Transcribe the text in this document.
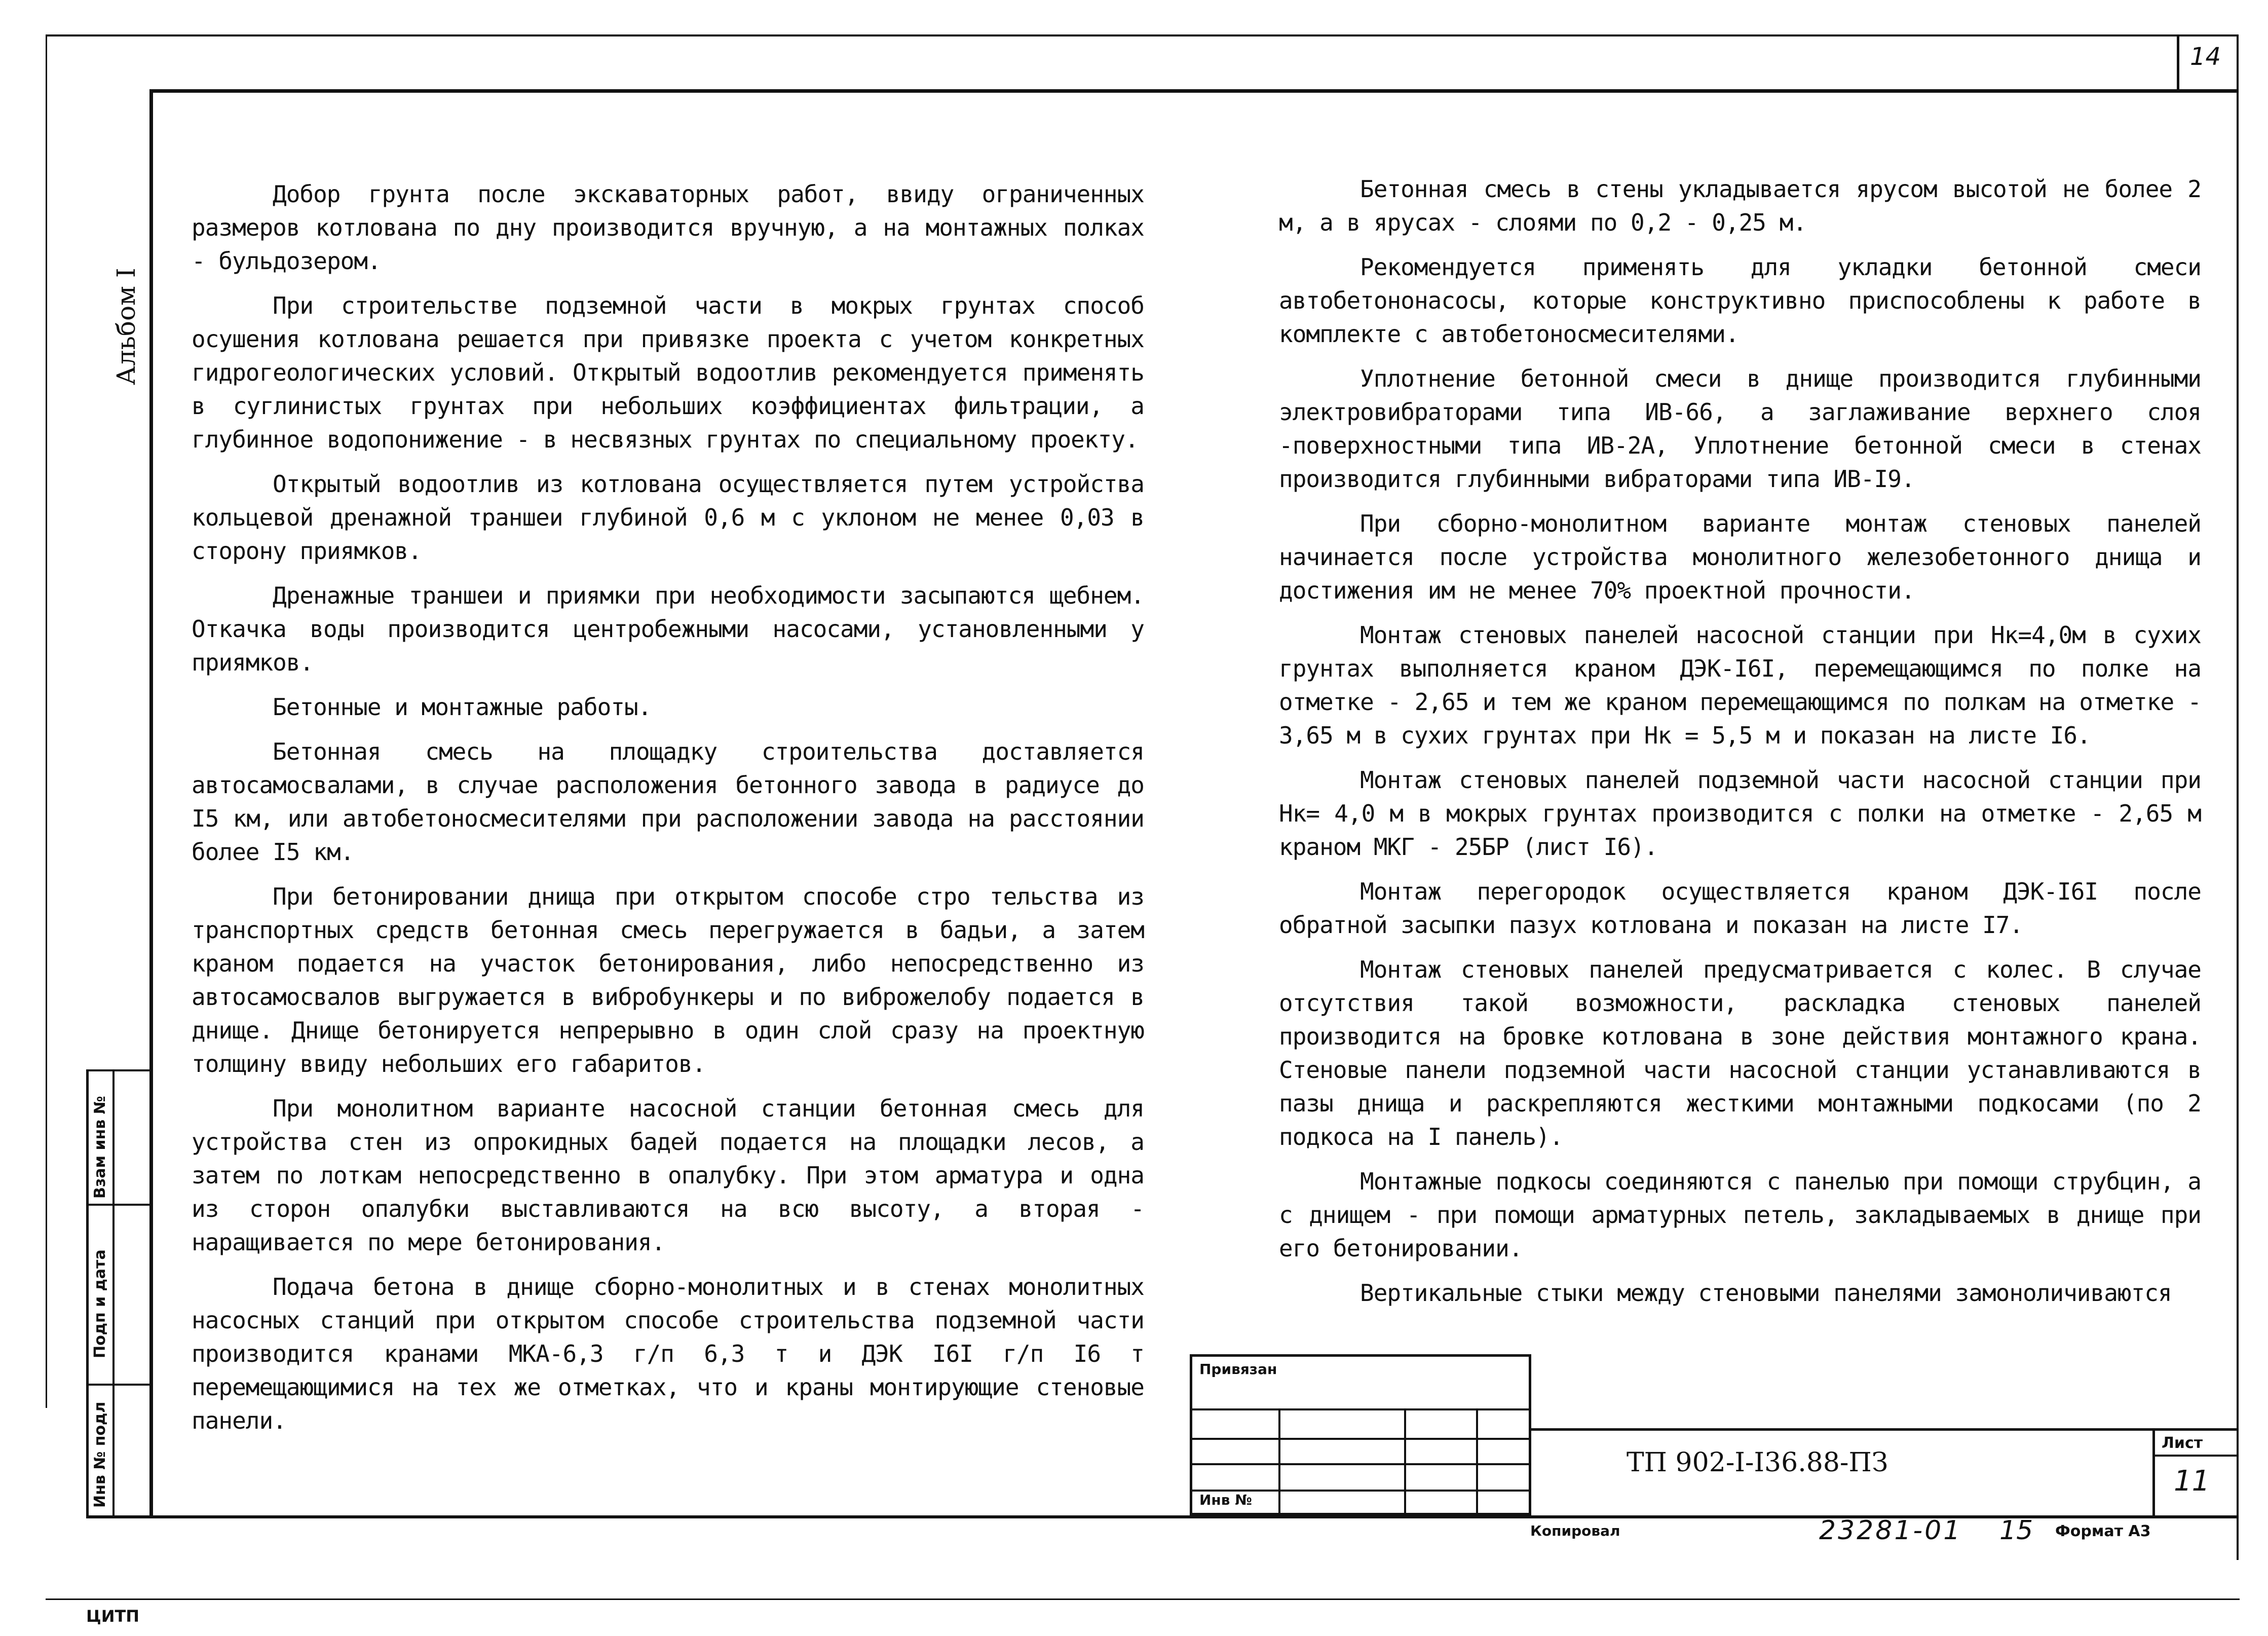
14
Альбом I
Взам инв №
Подп и дата
Инв № подл

Добор грунта после экскаваторных работ, ввиду ограниченных размеров котлована по дну производится вручную, а на монтажных полках - бульдозером.

При строительстве подземной части в мокрых грунтах способ осушения котлована решается при привязке проекта с учетом конкретных гидрогеологических условий. Открытый водоотлив рекомендуется применять в суглинистых грунтах при небольших коэффициентах фильтрации, а глубинное водопонижение - в несвязных грунтах по специальному проекту.

Открытый водоотлив из котлована осуществляется путем устройства кольцевой дренажной траншеи глубиной 0,6 м с уклоном не менее 0,03 в сторону приямков.

Дренажные траншеи и приямки при необходимости засыпаются щебнем. Откачка воды производится центробежными насосами, установленными у приямков.

Бетонные и монтажные работы.

Бетонная смесь на площадку строительства доставляется автосамосвалами, в случае расположения бетонного завода в радиусе до I5 км, или автобетоносмесителями при расположении завода на расстоянии более I5 км.

При бетонировании днища при открытом способе стро тельства из транспортных средств бетонная смесь перегружается в бадьи, а затем краном подается на участок бетонирования, либо непосредственно из автосамосвалов выгружается в вибробункеры и по виброжелобу подается в днище. Днище бетонируется непрерывно в один слой сразу на проектную толщину ввиду небольших его габаритов.

При монолитном варианте насосной станции бетонная смесь для устройства стен из опрокидных бадей подается на площадки лесов, а затем по лоткам непосредственно в опалубку. При этом арматура и одна из сторон опалубки выставливаются на всю высоту, а вторая - наращивается по мере бетонирования.

Подача бетона в днище сборно-монолитных и в стенах монолитных насосных станций при открытом способе строительства подземной части производится кранами МКА-6,3 г/п 6,3 т и ДЭК I6I г/п I6 т перемещающимися на тех же отметках, что и краны монтирующие стеновые панели.

Бетонная смесь в стены укладывается ярусом высотой не более 2 м, а в ярусах - слоями по 0,2 - 0,25 м.

Рекомендуется применять для укладки бетонной смеси автобетононасосы, которые конструктивно приспособлены к работе в комплекте с автобетоносмесителями.

Уплотнение бетонной смеси в днище производится глубинными электровибраторами типа ИВ-66, а заглаживание верхнего слоя -поверхностными типа ИВ-2А, Уплотнение бетонной смеси в стенах производится глубинными вибраторами типа ИВ-I9.

При сборно-монолитном варианте монтаж стеновых панелей начинается после устройства монолитного железобетонного днища и достижения им не менее 70% проектной прочности.

Монтаж стеновых панелей насосной станции при Нк=4,0м в сухих грунтах выполняется краном ДЭК-I6I, перемещающимся по полке на отметке - 2,65 и тем же краном перемещающимся по полкам на отметке - 3,65 м в сухих грунтах при Нк = 5,5 м и показан на листе I6.

Монтаж стеновых панелей подземной части насосной станции при Нк= 4,0 м в мокрых грунтах производится с полки на отметке - 2,65 м краном МКГ - 25БР (лист I6).

Монтаж перегородок осуществляется краном ДЭК-I6I после обратной засыпки пазух котлована и показан на листе I7.

Монтаж стеновых панелей предусматривается с колес. В случае отсутствия такой возможности, раскладка стеновых панелей производится на бровке котлована в зоне действия монтажного крана. Стеновые панели подземной части насосной станции устанавливаются в пазы днища и раскрепляются жесткими монтажными подкосами (по 2 подкоса на I панель).

Монтажные подкосы соединяются с панелью при помощи струбцин, а с днищем - при помощи арматурных петель, закладываемых в днище при его бетонировании.

Вертикальные стыки между стеновыми панелями замоноличиваются

Привязан
Инв №
ТП 902-I-I36.88-ПЗ
Лист
11
Копировал	23281-01 15 Формат А3
ЦИТП
